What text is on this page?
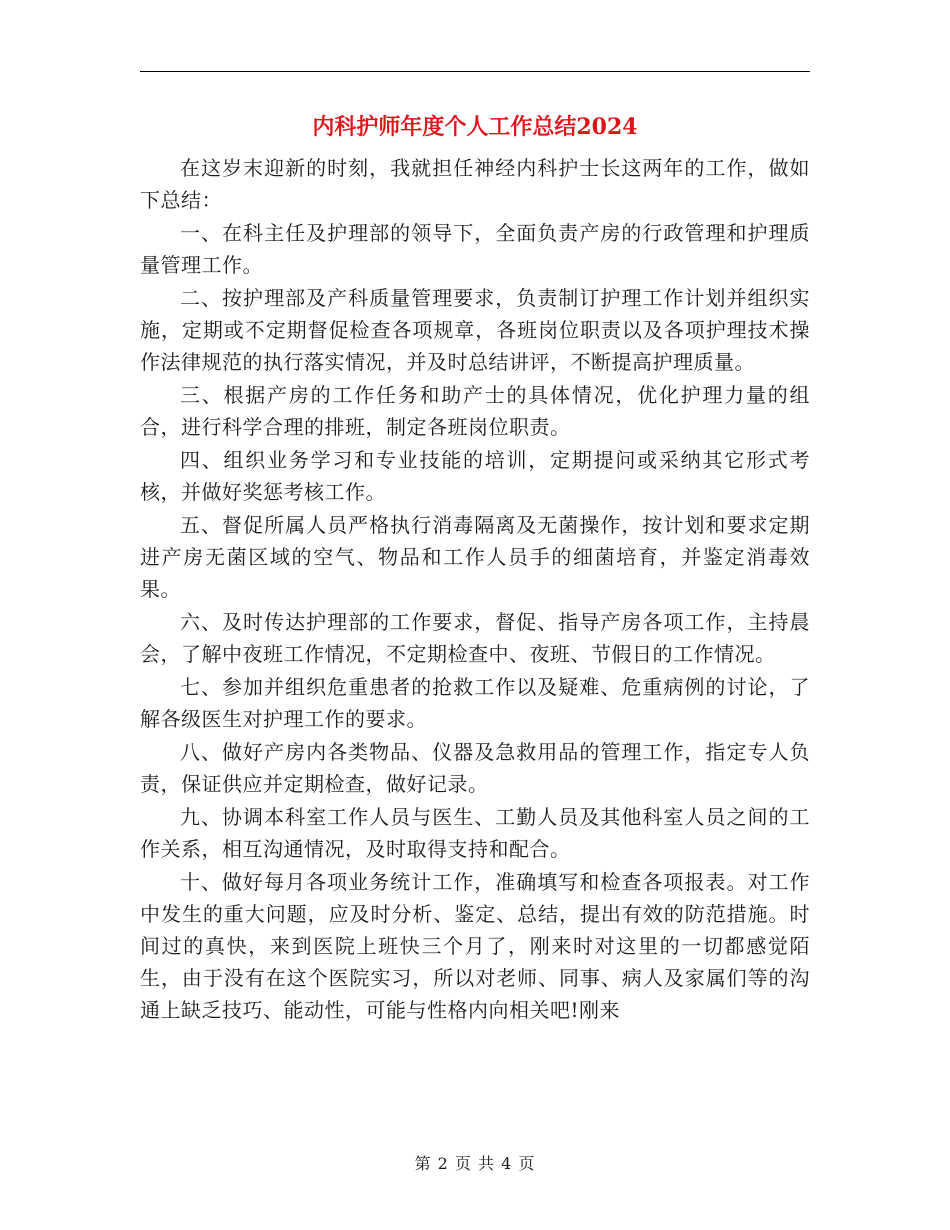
内科护师年度个人工作总结2024

在这岁末迎新的时刻，我就担任神经内科护士长这两年的工作，做如下总结：

一、在科主任及护理部的领导下，全面负责产房的行政管理和护理质量管理工作。

二、按护理部及产科质量管理要求，负责制订护理工作计划并组织实施，定期或不定期督促检查各项规章，各班岗位职责以及各项护理技术操作法律规范的执行落实情况，并及时总结讲评，不断提高护理质量。

三、根据产房的工作任务和助产士的具体情况，优化护理力量的组合，进行科学合理的排班，制定各班岗位职责。

四、组织业务学习和专业技能的培训，定期提问或采纳其它形式考核，并做好奖惩考核工作。

五、督促所属人员严格执行消毒隔离及无菌操作，按计划和要求定期进产房无菌区域的空气、物品和工作人员手的细菌培育，并鉴定消毒效果。

六、及时传达护理部的工作要求，督促、指导产房各项工作，主持晨会，了解中夜班工作情况，不定期检查中、夜班、节假日的工作情况。

七、参加并组织危重患者的抢救工作以及疑难、危重病例的讨论，了解各级医生对护理工作的要求。

八、做好产房内各类物品、仪器及急救用品的管理工作，指定专人负责，保证供应并定期检查，做好记录。

九、协调本科室工作人员与医生、工勤人员及其他科室人员之间的工作关系，相互沟通情况，及时取得支持和配合。

十、做好每月各项业务统计工作，准确填写和检查各项报表。对工作中发生的重大问题，应及时分析、鉴定、总结，提出有效的防范措施。时间过的真快，来到医院上班快三个月了，刚来时对这里的一切都感觉陌生，由于没有在这个医院实习，所以对老师、同事、病人及家属们等的沟通上缺乏技巧、能动性，可能与性格内向相关吧!刚来

第 2 页 共 4 页
